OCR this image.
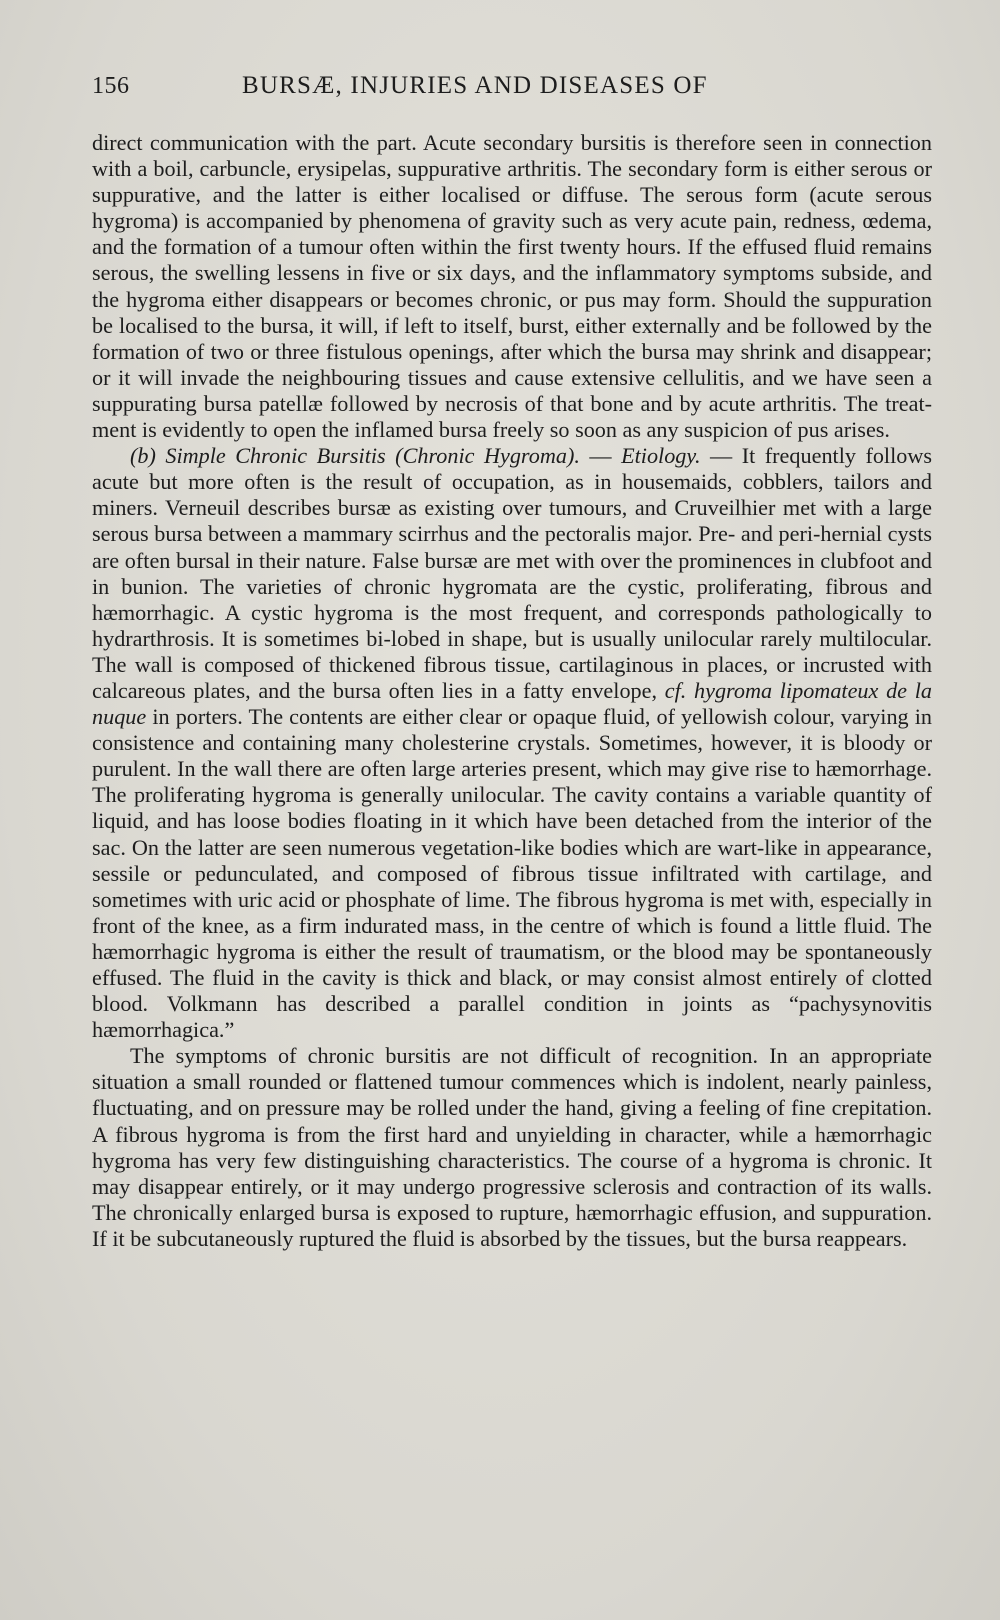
156	BURSÆ, INJURIES AND DISEASES OF

direct communication with the part. Acute secondary bursitis is therefore seen in connection with a boil, carbuncle, erysipelas, suppurative arthritis. The secondary form is either serous or suppurative, and the latter is either localised or diffuse. The serous form (acute serous hygroma) is accompanied by phenomena of gravity such as very acute pain, redness, œdema, and the formation of a tumour often within the first twenty hours. If the effused fluid remains serous, the swelling lessens in five or six days, and the inflammatory symptoms subside, and the hygroma either disappears or becomes chronic, or pus may form. Should the suppuration be localised to the bursa, it will, if left to itself, burst, either externally and be followed by the formation of two or three fistulous openings, after which the bursa may shrink and disappear; or it will invade the neighbouring tissues and cause extensive cellulitis, and we have seen a suppurating bursa patellæ followed by necrosis of that bone and by acute arthritis. The treatment is evidently to open the inflamed bursa freely so soon as any suspicion of pus arises.

(b) Simple Chronic Bursitis (Chronic Hygroma). — Etiology. — It frequently follows acute but more often is the result of occupation, as in housemaids, cobblers, tailors and miners. Verneuil describes bursæ as existing over tumours, and Cruveilhier met with a large serous bursa between a mammary scirrhus and the pectoralis major. Pre- and peri-hernial cysts are often bursal in their nature. False bursæ are met with over the prominences in clubfoot and in bunion. The varieties of chronic hygromata are the cystic, proliferating, fibrous and hæmorrhagic. A cystic hygroma is the most frequent, and corresponds pathologically to hydrarthrosis. It is sometimes bi-lobed in shape, but is usually unilocular rarely multilocular. The wall is composed of thickened fibrous tissue, cartilaginous in places, or incrusted with calcareous plates, and the bursa often lies in a fatty envelope, cf. hygroma lipomateux de la nuque in porters. The contents are either clear or opaque fluid, of yellowish colour, varying in consistence and containing many cholesterine crystals. Sometimes, however, it is bloody or purulent. In the wall there are often large arteries present, which may give rise to hæmorrhage. The proliferating hygroma is generally unilocular. The cavity contains a variable quantity of liquid, and has loose bodies floating in it which have been detached from the interior of the sac. On the latter are seen numerous vegetation-like bodies which are wart-like in appearance, sessile or pedunculated, and composed of fibrous tissue infiltrated with cartilage, and sometimes with uric acid or phosphate of lime. The fibrous hygroma is met with, especially in front of the knee, as a firm indurated mass, in the centre of which is found a little fluid. The hæmorrhagic hygroma is either the result of traumatism, or the blood may be spontaneously effused. The fluid in the cavity is thick and black, or may consist almost entirely of clotted blood. Volkmann has described a parallel condition in joints as “pachysynovitis hæmorrhagica.”

The symptoms of chronic bursitis are not difficult of recognition. In an appropriate situation a small rounded or flattened tumour commences which is indolent, nearly painless, fluctuating, and on pressure may be rolled under the hand, giving a feeling of fine crepitation. A fibrous hygroma is from the first hard and unyielding in character, while a hæmorrhagic hygroma has very few distinguishing characteristics. The course of a hygroma is chronic. It may disappear entirely, or it may undergo progressive sclerosis and contraction of its walls. The chronically enlarged bursa is exposed to rupture, hæmorrhagic effusion, and suppuration. If it be subcutaneously ruptured the fluid is absorbed by the tissues, but the bursa reappears.
